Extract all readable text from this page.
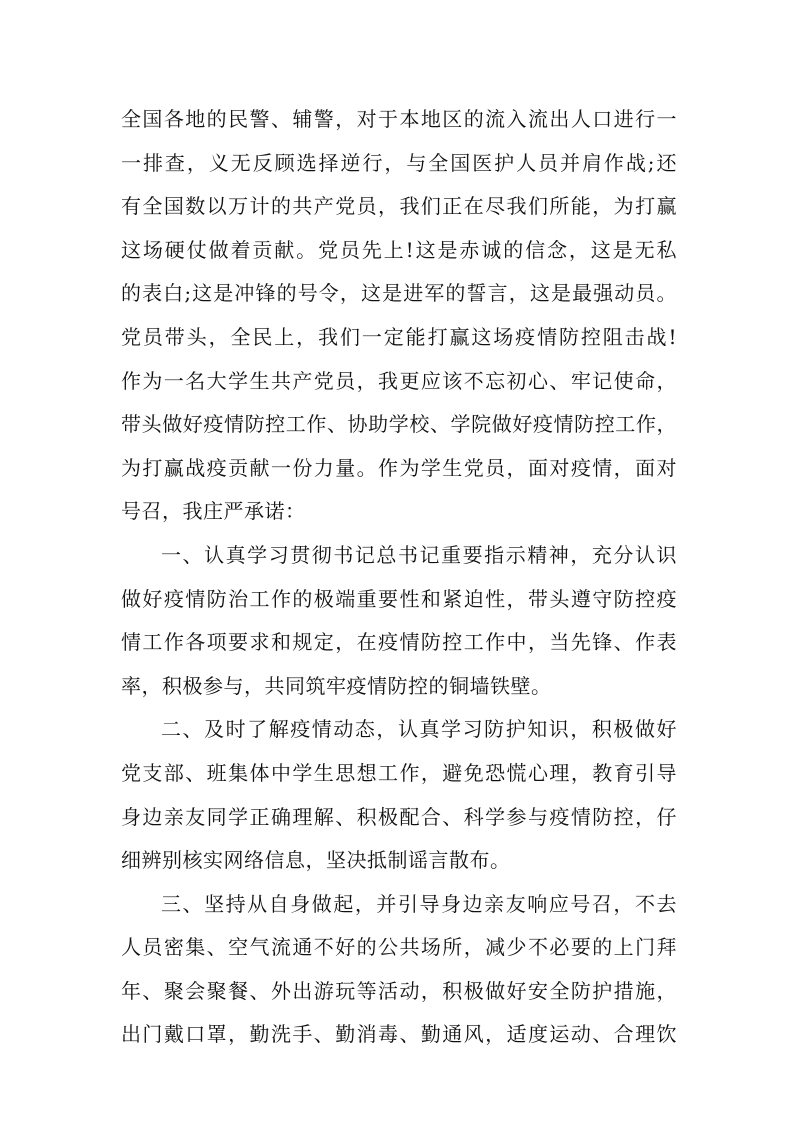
全国各地的民警、辅警，对于本地区的流入流出人口进行一
一排查，义无反顾选择逆行，与全国医护人员并肩作战;还
有全国数以万计的共产党员，我们正在尽我们所能，为打赢
这场硬仗做着贡献。党员先上!这是赤诚的信念，这是无私
的表白;这是冲锋的号令，这是进军的誓言，这是最强动员。
党员带头，全民上，我们一定能打赢这场疫情防控阻击战!
作为一名大学生共产党员，我更应该不忘初心、牢记使命，
带头做好疫情防控工作、协助学校、学院做好疫情防控工作，
为打赢战疫贡献一份力量。作为学生党员，面对疫情，面对
号召，我庄严承诺：
一、认真学习贯彻书记总书记重要指示精神，充分认识
做好疫情防治工作的极端重要性和紧迫性，带头遵守防控疫
情工作各项要求和规定，在疫情防控工作中，当先锋、作表
率，积极参与，共同筑牢疫情防控的铜墙铁壁。
二、及时了解疫情动态，认真学习防护知识，积极做好
党支部、班集体中学生思想工作，避免恐慌心理，教育引导
身边亲友同学正确理解、积极配合、科学参与疫情防控，仔
细辨别核实网络信息，坚决抵制谣言散布。
三、坚持从自身做起，并引导身边亲友响应号召，不去
人员密集、空气流通不好的公共场所，减少不必要的上门拜
年、聚会聚餐、外出游玩等活动，积极做好安全防护措施，
出门戴口罩，勤洗手、勤消毒、勤通风，适度运动、合理饮
